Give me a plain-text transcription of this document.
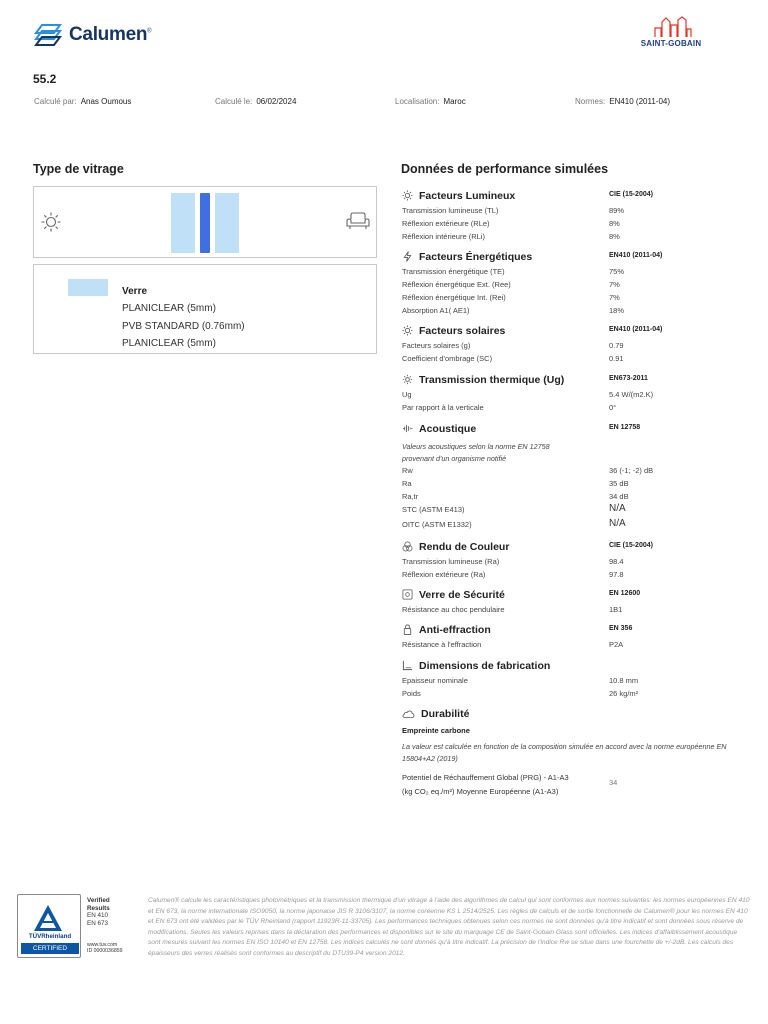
Calumen®
SAINT-GOBAIN
55.2
Calculé par: Anas Oumous	Calculé le: 06/02/2024	Localisation: Maroc	Normes: EN410 (2011-04)
Type de vitrage
Verre
PLANICLEAR (5mm)
PVB STANDARD (0.76mm)
PLANICLEAR (5mm)
Données de performance simulées
Facteurs Lumineux	CIE (15-2004)
Transmission lumineuse (TL)	89%
Réflexion extérieure (RLe)	8%
Réflexion intérieure (RLi)	8%
Facteurs Énergétiques	EN410 (2011-04)
Transmission énergétique (TE)	75%
Réflexion énergétique Ext. (Ree)	7%
Réflexion énergétique Int. (Rei)	7%
Absorption A1( AE1)	18%
Facteurs solaires	EN410 (2011-04)
Facteurs solaires (g)	0.79
Coefficient d'ombrage (SC)	0.91
Transmission thermique (Ug)	EN673-2011
Ug	5.4 W/(m2.K)
Par rapport à la verticale	0°
Acoustique	EN 12758
Valeurs acoustiques selon la norme EN 12758 provenant d'un organisme notifié
Rw	36 (-1; -2) dB
Ra	35 dB
Ra,tr	34 dB
STC (ASTM E413)	N/A
OITC (ASTM E1332)	N/A
Rendu de Couleur	CIE (15-2004)
Transmission lumineuse (Ra)	98.4
Réflexion extérieure (Ra)	97.8
Verre de Sécurité	EN 12600
Résistance au choc pendulaire	1B1
Anti-effraction	EN 356
Résistance à l'effraction	P2A
Dimensions de fabrication
Epaisseur nominale	10.8 mm
Poids	26 kg/m²
Durabilité
Empreinte carbone
La valeur est calculée en fonction de la composition simulée en accord avec la norme européenne EN 15804+A2 (2019)
Potentiel de Réchauffement Global (PRG) - A1-A3
(kg CO₂ eq./m²) Moyenne Européenne (A1-A3)
34
TÜVRheinland
CERTIFIED
Verified
Results
EN 410
EN 673
www.tuv.com
ID 0000036859
Calumen® calcule les caractéristiques photométriques et la transmission thermique d'un vitrage à l'aide des algorithmes de calcul qui sont conformes aux normes suivantes: les normes européennes EN 410 et EN 673, la norme internationale ISO9050, la norme japonaise JIS R 3106/3107, la norme coréenne KS L 2514/2525. Les règles de calculs et de sortie fonctionnelle de Calumen® pour les normes EN 410 et EN 673 ont été validées par le TÜV Rheinland (rapport 11923R-11-33705). Les performances techniques obtenues selon ces normes ne sont données qu'à titre indicatif et sont données sous réserve de modifications. Seules les valeurs reprises dans la déclaration des performances et disponibles sur le site du marquage CE de Saint-Gobain Glass sont officielles. Les indices d'affaiblissement acoustique sont mesurés suivant les normes EN ISO 10140 et EN 12758. Les indices calculés ne sont donnés qu'à titre indicatif. La précision de l'indice Rw se situe dans une fourchette de +/-2dB. Les calculs des épaisseurs des verres réalisés sont conformes au descriptif du DTU39-P4 version 2012.
